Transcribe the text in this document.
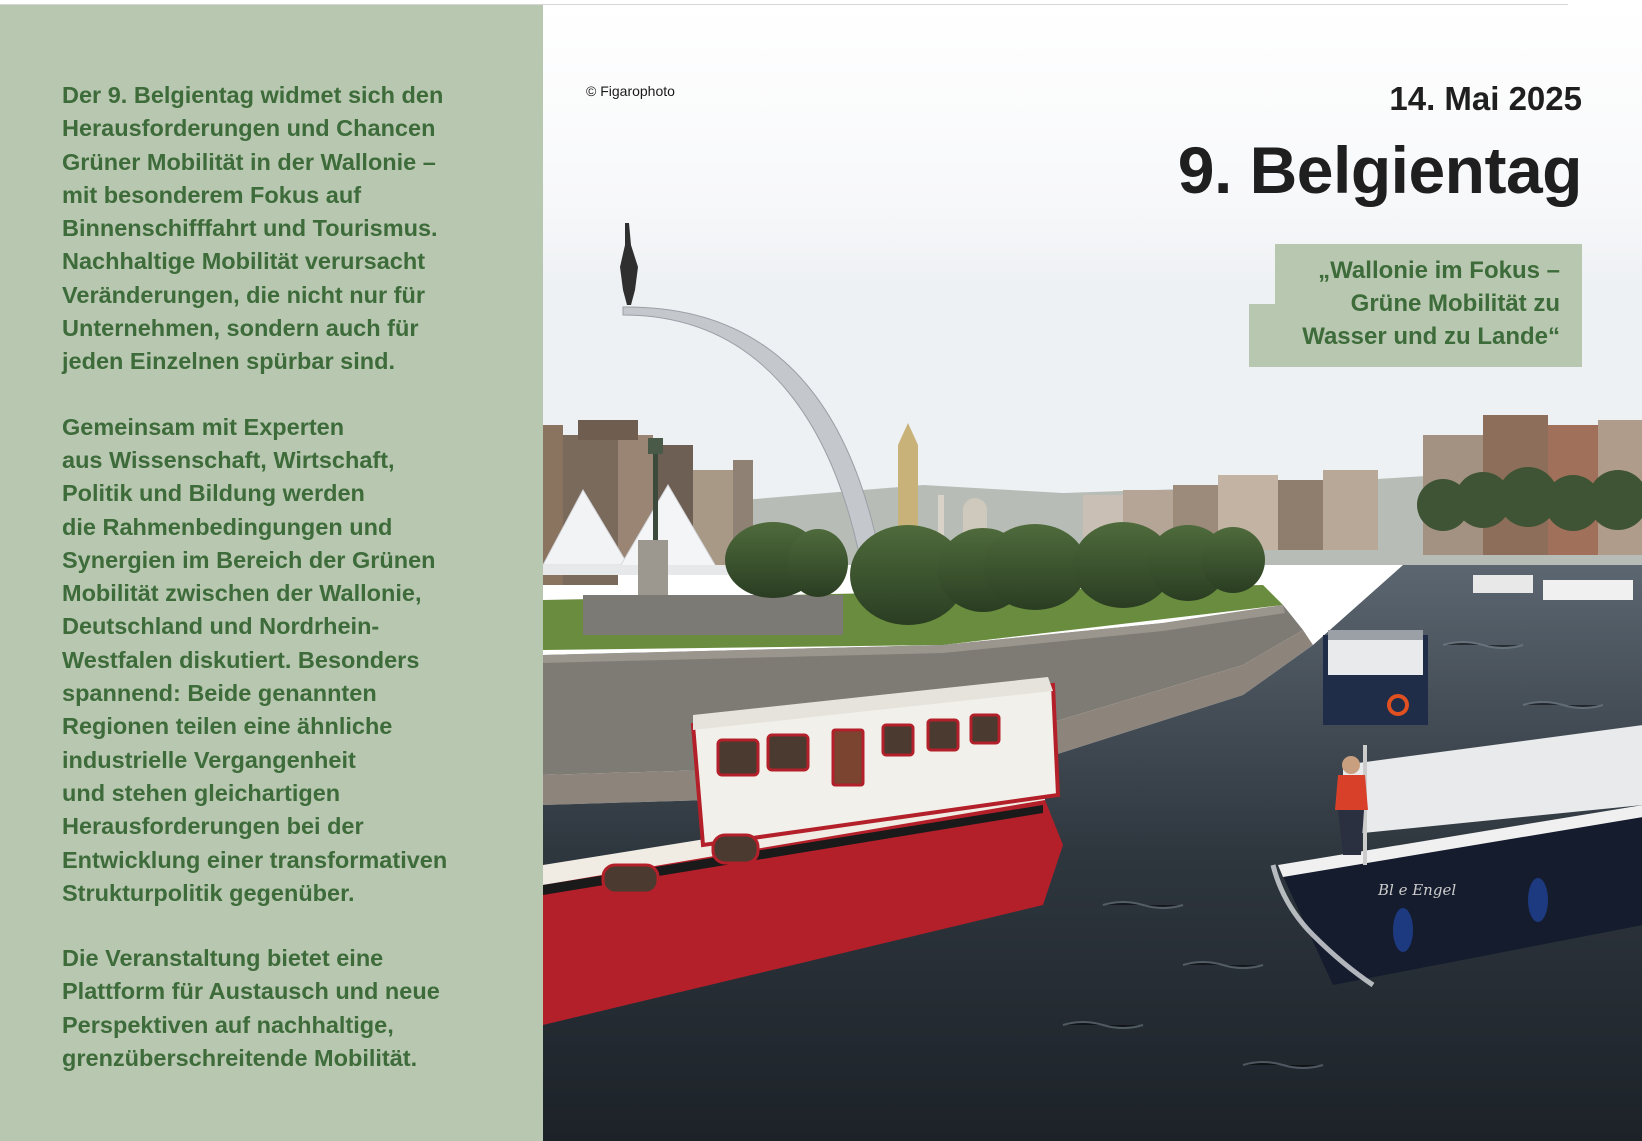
Der 9. Belgientag widmet sich den
Herausforderungen und Chancen
Grüner Mobilität in der Wallonie –
mit besonderem Fokus auf
Binnenschifffahrt und Tourismus.
Nachhaltige Mobilität verursacht
Veränderungen, die nicht nur für
Unternehmen, sondern auch für
jeden Einzelnen spürbar sind.

Gemeinsam mit Experten
aus Wissenschaft, Wirtschaft,
Politik und Bildung werden
die Rahmenbedingungen und
Synergien im Bereich der Grünen
Mobilität zwischen der Wallonie,
Deutschland und Nordrhein-
Westfalen diskutiert. Besonders
spannend: Beide genannten
Regionen teilen eine ähnliche
industrielle Vergangenheit
und stehen gleichartigen
Herausforderungen bei der
Entwicklung einer transformativen
Strukturpolitik gegenüber.

Die Veranstaltung bietet eine
Plattform für Austausch und neue
Perspektiven auf nachhaltige,
grenzüberschreitende Mobilität.

Bl e Engel
© Figarophoto	14. Mai 2025
9. Belgientag
„Wallonie im Fokus –
Grüne Mobilität zu
Wasser und zu Lande“
